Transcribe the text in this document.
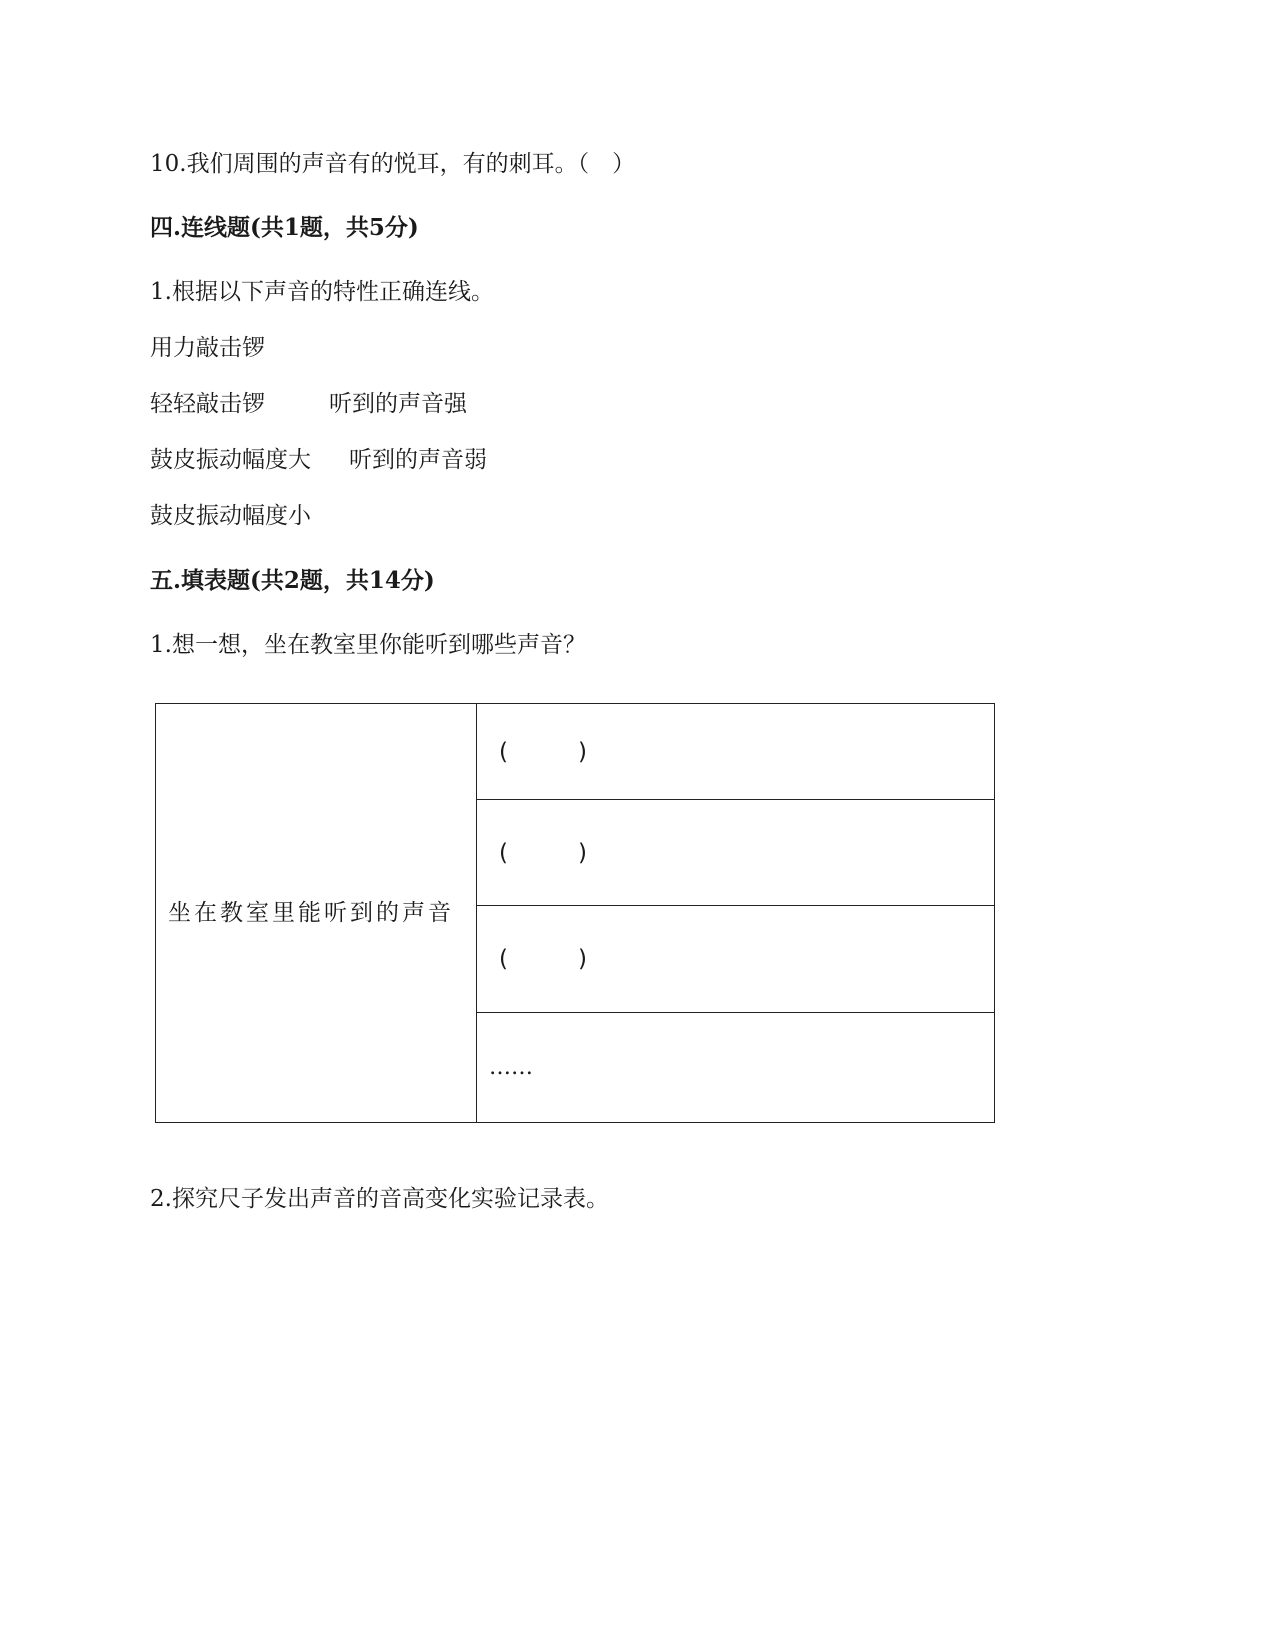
10.我们周围的声音有的悦耳，有的刺耳。（　）
四.连线题(共1题，共5分)
1.根据以下声音的特性正确连线。
用力敲击锣
轻轻敲击锣	听到的声音强
鼓皮振动幅度大 听到的声音弱
鼓皮振动幅度小
五.填表题(共2题，共14分)
1.想一想，坐在教室里你能听到哪些声音？
坐在教室里能听到的声音	(	)
(	)
(	)
……
2.探究尺子发出声音的音高变化实验记录表。
